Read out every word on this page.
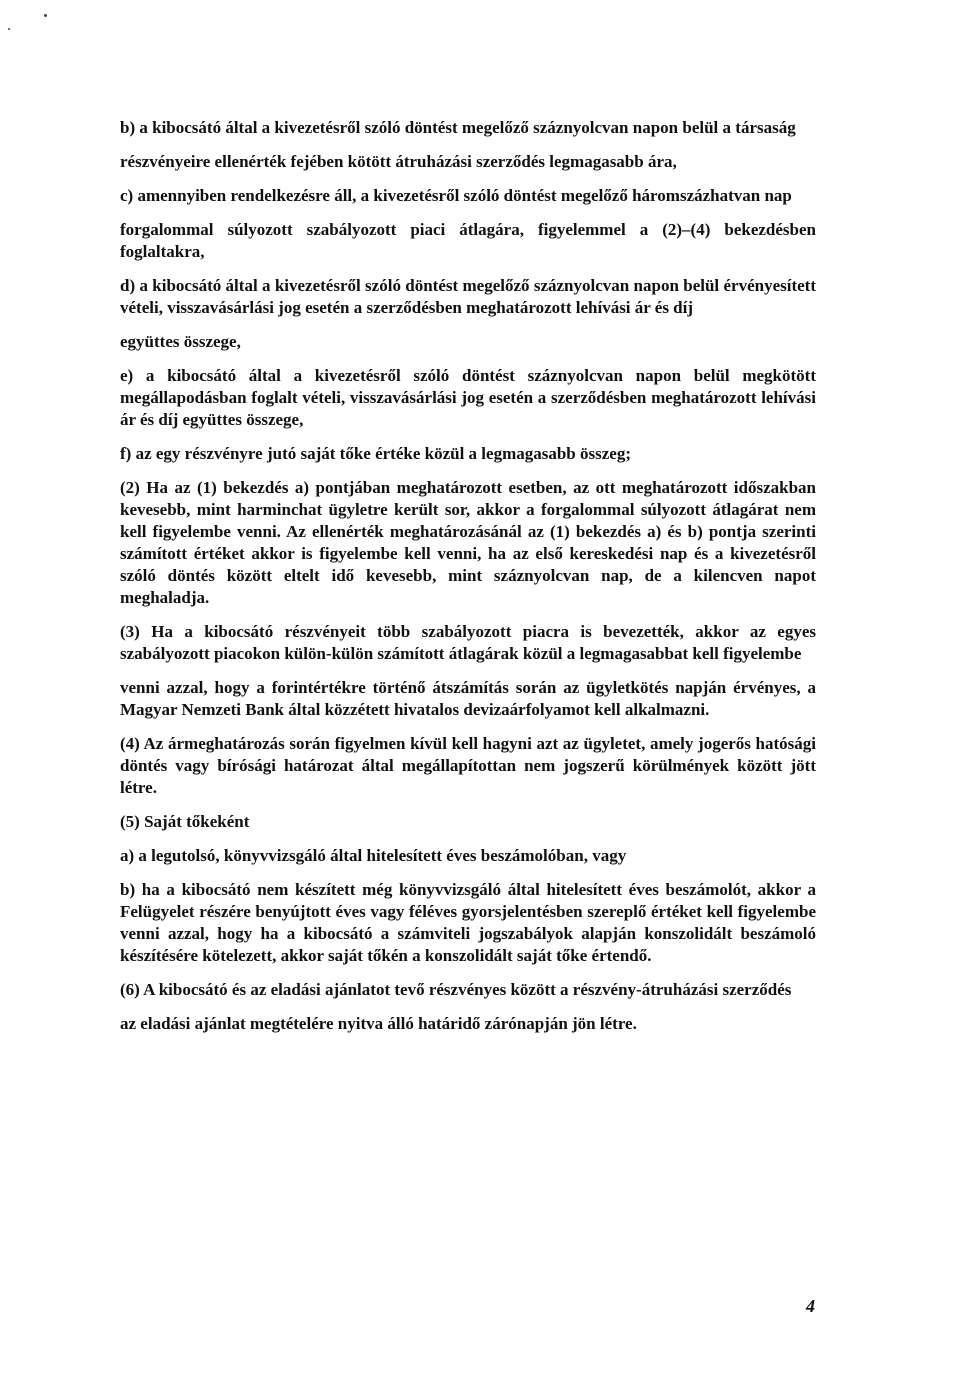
b) a kibocsátó által a kivezetésről szóló döntést megelőző száznyolcvan napon belül a társaság

részvényeire ellenérték fejében kötött átruházási szerződés legmagasabb ára,

c) amennyiben rendelkezésre áll, a kivezetésről szóló döntést megelőző háromszázhatvan nap

forgalommal súlyozott szabályozott piaci átlagára, figyelemmel a (2)–(4) bekezdésben foglaltakra,

d) a kibocsátó által a kivezetésről szóló döntést megelőző száznyolcvan napon belül érvényesített vételi, visszavásárlási jog esetén a szerződésben meghatározott lehívási ár és díj

együttes összege,

e) a kibocsátó által a kivezetésről szóló döntést száznyolcvan napon belül megkötött megállapodásban foglalt vételi, visszavásárlási jog esetén a szerződésben meghatározott lehívási ár és díj együttes összege,

f) az egy részvényre jutó saját tőke értéke közül a legmagasabb összeg;

(2) Ha az (1) bekezdés a) pontjában meghatározott esetben, az ott meghatározott időszakban kevesebb, mint harminchat ügyletre került sor, akkor a forgalommal súlyozott átlagárat nem kell figyelembe venni. Az ellenérték meghatározásánál az (1) bekezdés a) és b) pontja szerinti számított értéket akkor is figyelembe kell venni, ha az első kereskedési nap és a kivezetésről szóló döntés között eltelt idő kevesebb, mint száznyolcvan nap, de a kilencven napot meghaladja.

(3) Ha a kibocsátó részvényeit több szabályozott piacra is bevezették, akkor az egyes szabályozott piacokon külön-külön számított átlagárak közül a legmagasabbat kell figyelembe

venni azzal, hogy a forintértékre történő átszámítás során az ügyletkötés napján érvényes, a Magyar Nemzeti Bank által közzétett hivatalos devizaárfolyamot kell alkalmazni.

(4) Az ármeghatározás során figyelmen kívül kell hagyni azt az ügyletet, amely jogerős hatósági döntés vagy bírósági határozat által megállapítottan nem jogszerű körülmények között jött létre.

(5) Saját tőkeként

a) a legutolsó, könyvvizsgáló által hitelesített éves beszámolóban, vagy

b) ha a kibocsátó nem készített még könyvvizsgáló által hitelesített éves beszámolót, akkor a Felügyelet részére benyújtott éves vagy féléves gyorsjelentésben szereplő értéket kell figyelembe venni azzal, hogy ha a kibocsátó a számviteli jogszabályok alapján konszolidált beszámoló készítésére kötelezett, akkor saját tőkén a konszolidált saját tőke értendő.

(6) A kibocsátó és az eladási ajánlatot tevő részvényes között a részvény-átruházási szerződés

az eladási ajánlat megtételére nyitva álló határidő zárónapján jön létre.

4
